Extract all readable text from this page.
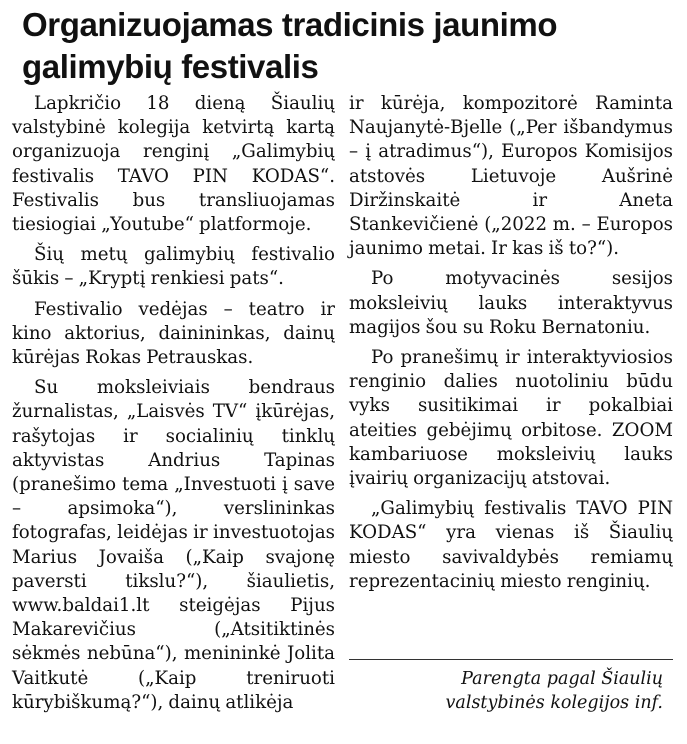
Organizuojamas tradicinis jaunimo galimybių festivalis

Lapkričio 18 dieną Šiaulių valstybinė kolegija ketvirtą kartą organizuoja renginį „Galimybių festivalis TAVO PIN KODAS“. Festivalis bus transliuojamas tiesiogiai „Youtube“ platformoje.

Šių metų galimybių festivalio šūkis – „Kryptį renkiesi pats“.

Festivalio vedėjas – teatro ir kino aktorius, dainininkas, dainų kūrėjas Rokas Petrauskas.

Su moksleiviais bendraus žurnalistas, „Laisvės TV“ įkūrėjas, rašytojas ir socialinių tinklų aktyvistas Andrius Tapinas (pranešimo tema „Investuoti į save – apsimoka“), verslininkas fotografas, leidėjas ir investuotojas Marius Jovaiša („Kaip svajonę paversti tikslu?“), šiaulietis, www.baldai1.lt steigėjas Pijus Makarevičius („Atsitiktinės sėkmės nebūna“), menininkė Jolita Vaitkutė („Kaip treniruoti kūrybiškumą?“), dainų atlikėja

ir kūrėja, kompozitorė Raminta Naujanytė-Bjelle („Per išbandymus – į atradimus“), Europos Komisijos atstovės Lietuvoje Aušrinė Diržinskaitė ir Aneta Stankevičienė („2022 m. – Europos jaunimo metai. Ir kas iš to?“).

Po motyvacinės sesijos moksleivių lauks interaktyvus magijos šou su Roku Bernatoniu.

Po pranešimų ir interaktyviosios renginio dalies nuotoliniu būdu vyks susitikimai ir pokalbiai ateities gebėjimų orbitose. ZOOM kambariuose moksleivių lauks įvairių organizacijų atstovai.

„Galimybių festivalis TAVO PIN KODAS“ yra vienas iš Šiaulių miesto savivaldybės remiamų reprezentacinių miesto renginių.

Parengta pagal Šiaulių
valstybinės kolegijos inf.
